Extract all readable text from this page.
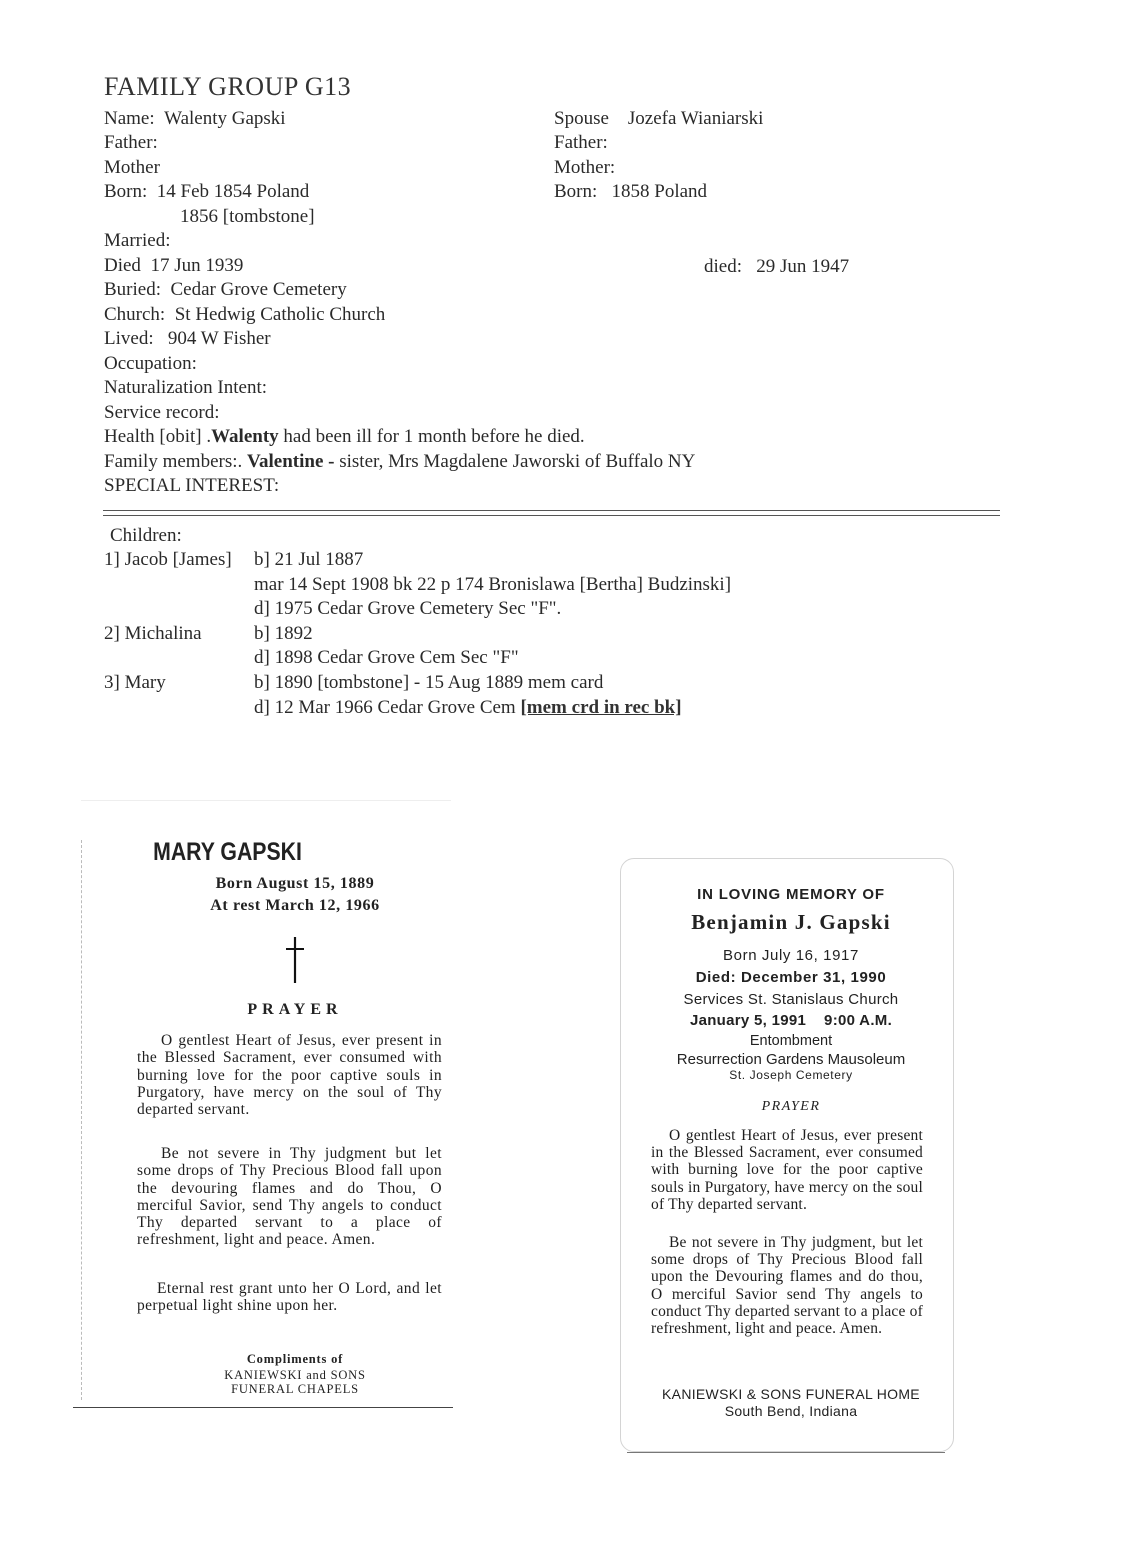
FAMILY GROUP G13
Name: Walenty Gapski
Father:
Mother
Born: 14 Feb 1854 Poland
1856 [tombstone]
Married:
Died 17 Jun 1939
Buried: Cedar Grove Cemetery
Church: St Hedwig Catholic Church
Lived: 904 W Fisher
Occupation:
Naturalization Intent:
Service record:
Health [obit] .Walenty had been ill for 1 month before he died.
Family members:. Valentine - sister, Mrs Magdalene Jaworski of Buffalo NY
SPECIAL INTEREST:
Spouse Jozefa Wianiarski
Father:
Mother:
Born: 1858 Poland
died: 29 Jun 1947
Children:
1] Jacob [James] b] 21 Jul 1887
mar 14 Sept 1908 bk 22 p 174 Bronislawa [Bertha] Budzinski]
d] 1975 Cedar Grove Cemetery Sec "F".
2] Michalina	b] 1892
d] 1898 Cedar Grove Cem Sec "F"
3] Mary	b] 1890 [tombstone] - 15 Aug 1889 mem card
d] 12 Mar 1966 Cedar Grove Cem [mem crd in rec bk]
MARY GAPSKI
Born August 15, 1889
At rest March 12, 1966
PRAYER

O gentlest Heart of Jesus, ever present in the Blessed Sacrament, ever consumed with burning love for the poor captive souls in Purgatory, have mercy on the soul of Thy departed servant.

Be not severe in Thy judgment but let some drops of Thy Precious Blood fall upon the devouring flames and do Thou, O merciful Savior, send Thy angels to conduct Thy departed servant to a place of refreshment, light and peace. Amen.

Eternal rest grant unto her O Lord, and let perpetual light shine upon her.

Compliments of
KANIEWSKI and SONS
FUNERAL CHAPELS
IN LOVING MEMORY OF
Benjamin J. Gapski
Born July 16, 1917
Died: December 31, 1990
Services St. Stanislaus Church
January 5, 1991    9:00 A.M.
Entombment
Resurrection Gardens Mausoleum
St. Joseph Cemetery
PRAYER

O gentlest Heart of Jesus, ever present in the Blessed Sacrament, ever consumed with burning love for the poor captive souls in Purgatory, have mercy on the soul of Thy departed servant.

Be not severe in Thy judgment, but let some drops of Thy Precious Blood fall upon the Devouring flames and do thou, O merciful Savior send Thy angels to conduct Thy departed servant to a place of refreshment, light and peace. Amen.

KANIEWSKI & SONS FUNERAL HOME
South Bend, Indiana
